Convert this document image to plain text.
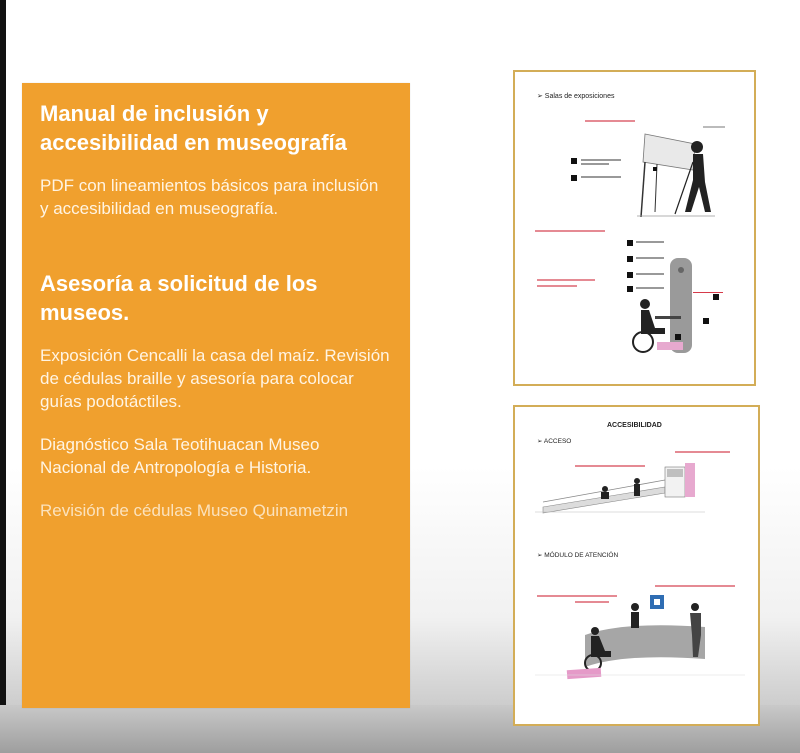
Manual de inclusión y accesibilidad en museografía
PDF con lineamientos básicos para inclusión y accesibilidad en museografía.
Asesoría a solicitud de los museos.
Exposición Cencalli la casa del maíz. Revisión de cédulas braille y asesoría para colocar guías podotáctiles.
Diagnóstico Sala Teotihuacan Museo Nacional de Antropología e Historia.
Revisión de cédulas Museo Quinametzin
➢ Salas de exposiciones
ACCESIBILIDAD
➢ ACCESO
➢ MÓDULO DE ATENCIÓN
